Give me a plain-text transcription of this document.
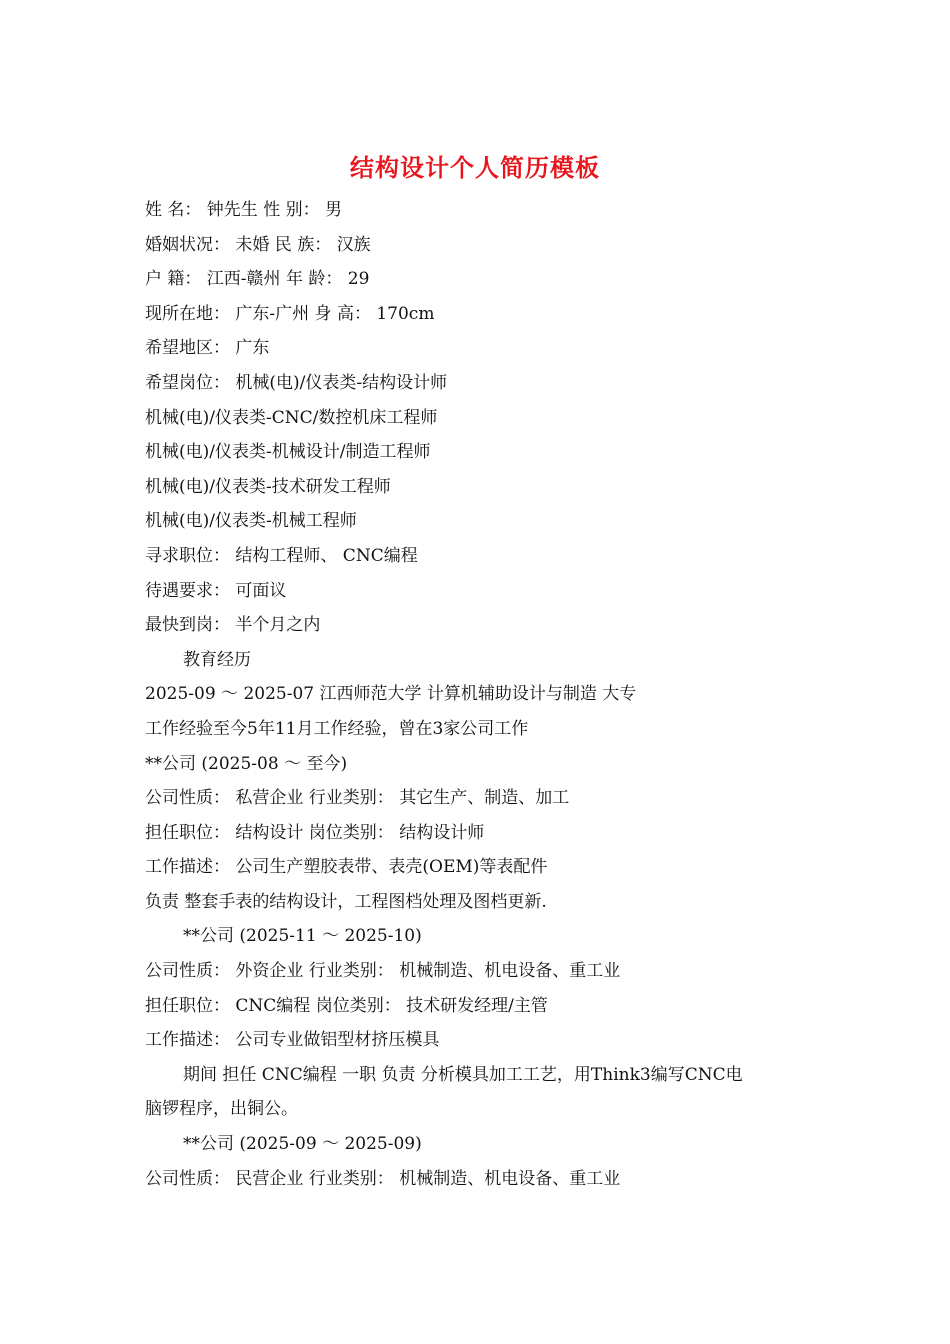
结构设计个人简历模板
姓 名： 钟先生 性 别： 男
婚姻状况： 未婚 民 族： 汉族
户 籍： 江西-赣州 年 龄： 29
现所在地： 广东-广州 身 高： 170cm
希望地区： 广东
希望岗位： 机械(电)/仪表类-结构设计师
机械(电)/仪表类-CNC/数控机床工程师
机械(电)/仪表类-机械设计/制造工程师
机械(电)/仪表类-技术研发工程师
机械(电)/仪表类-机械工程师
寻求职位： 结构工程师、 CNC编程
待遇要求： 可面议
最快到岗： 半个月之内
教育经历
2025-09 ～ 2025-07 江西师范大学 计算机辅助设计与制造 大专
工作经验至今5年11月工作经验，曾在3家公司工作
**公司 (2025-08 ～ 至今)
公司性质： 私营企业 行业类别： 其它生产、制造、加工
担任职位： 结构设计 岗位类别： 结构设计师
工作描述： 公司生产塑胶表带、表壳(OEM)等表配件
负责 整套手表的结构设计，工程图档处理及图档更新.
**公司 (2025-11 ～ 2025-10)
公司性质： 外资企业 行业类别： 机械制造、机电设备、重工业
担任职位： CNC编程 岗位类别： 技术研发经理/主管
工作描述： 公司专业做铝型材挤压模具
期间 担任 CNC编程 一职 负责 分析模具加工工艺，用Think3编写CNC电
脑锣程序，出铜公。
**公司 (2025-09 ～ 2025-09)
公司性质： 民营企业 行业类别： 机械制造、机电设备、重工业
